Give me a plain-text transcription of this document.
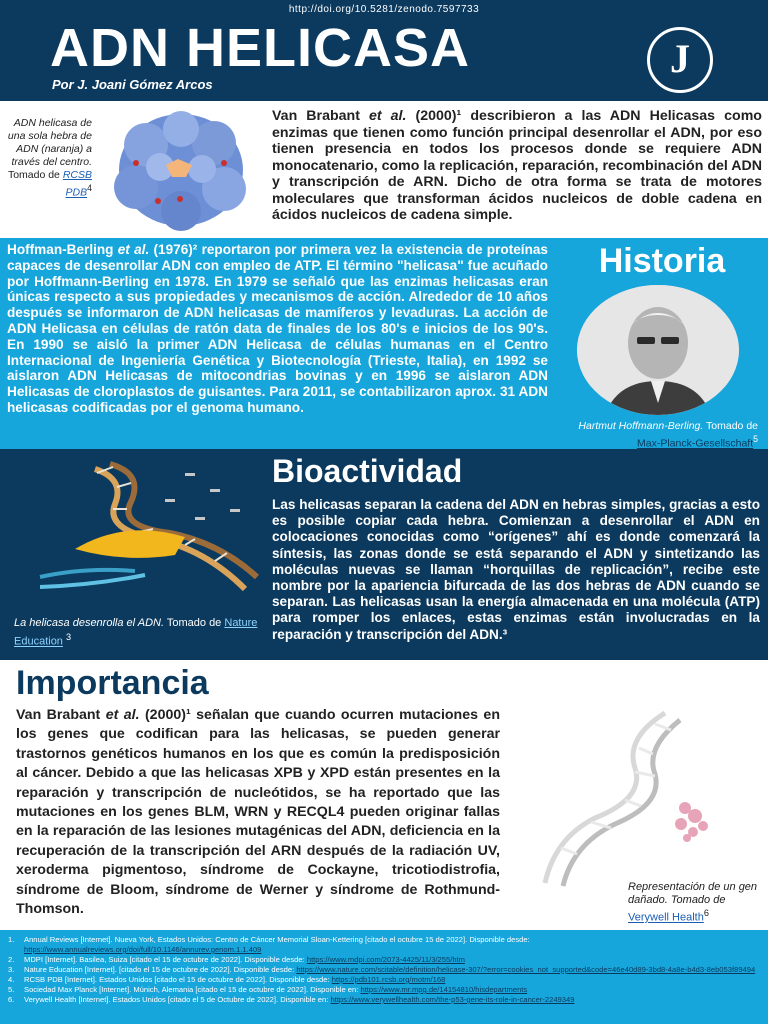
http://doi.org/10.5281/zenodo.7597733
ADN HELICASA
Por J. Joani Gómez Arcos
J
ADN helicasa de una sola hebra de ADN (naranja) a través del centro. Tomado de RCSB PDB$^4$
Van Brabant et al. (2000)¹ describieron a las ADN Helicasas como enzimas que tienen como función principal desenrollar el ADN, por eso tienen presencia en todos los procesos donde se requiere ADN monocatenario, como la replicación, reparación, recombinación del ADN y transcripción de ARN. Dicho de otra forma se trata de motores moleculares que transforman ácidos nucleicos de doble cadena en ácidos nucleicos de cadena simple.
Hoffman-Berling et al. (1976)² reportaron por primera vez la existencia de proteínas capaces de desenrollar ADN con empleo de ATP. El término "helicasa" fue acuñado por Hoffmann-Berling en 1978. En 1979 se señaló que las enzimas helicasas eran únicas respecto a sus propiedades y mecanismos de acción. Alrededor de 10 años después se informaron de ADN helicasas de mamíferos y levaduras. La acción de ADN Helicasa en células de ratón data de finales de los 80's e inicios de los 90's. En 1990 se aisló la primer ADN Helicasa de células humanas en el Centro Internacional de Ingeniería Genética y Biotecnología (Trieste, Italia), en 1992 se aislaron ADN Helicasas de mitocondrias bovinas y en 1996 se aislaron ADN Helicasas de cloroplastos de guisantes. Para 2011, se contabilizaron aprox. 31 ADN helicasas codificadas por el genoma humano.
Historia
Hartmut Hoffmann-Berling. Tomado de Max-Planck-Gesellschaft$^5$
La helicasa desenrolla el ADN. Tomado de Nature Education $^3$
Bioactividad
Las helicasas separan la cadena del ADN en hebras simples, gracias a esto es posible copiar cada hebra. Comienzan a desenrollar el ADN en colocaciones conocidas como “orígenes” ahí es donde comenzará la síntesis, las zonas donde se está separando el ADN y sintetizando las moléculas nuevas se llaman “horquillas de replicación”, recibe este nombre por la apariencia bifurcada de las dos hebras de ADN cuando se separan. Las helicasas usan la energía almacenada en una molécula (ATP) para romper los enlaces, estas enzimas están involucradas en la reparación y transcripción del ADN.³
Importancia
Van Brabant et al. (2000)¹ señalan que cuando ocurren mutaciones en los genes que codifican para las helicasas, se pueden generar trastornos genéticos humanos en los que es común la predisposición al cáncer. Debido a que las helicasas XPB y XPD están presentes en la reparación y transcripción de nucleótidos, se ha reportado que las mutaciones en los genes BLM, WRN y RECQL4 pueden originar fallas en la reparación de las lesiones mutagénicas del ADN, deficiencia en la recuperación de la transcripción del ARN después de la radiación UV, xeroderma pigmentoso, síndrome de Cockayne, tricotiodistrofia, síndrome de Bloom, síndrome de Werner y síndrome de Rothmund-Thomson.
Representación de un gen dañado. Tomado de Verywell Health$^6$
1.	Annual Reviews [Internet]. Nueva York, Estados Unidos: Centro de Cáncer Memorial Sloan-Kettering [citado el octubre 15 de 2022]. Disponible desde: https://www.annualreviews.org/doi/full/10.1146/annurev.genom.1.1.409
2.	MDPI [Internet]. Basilea, Suiza [citado el 15 de octubre de 2022]. Disponible desde: https://www.mdpi.com/2073-4425/11/3/255/htm
3.	Nature Education [Internet]. [citado el 15 de octubre de 2022]. Disponible desde: https://www.nature.com/scitable/definition/helicase-307/?error=cookies_not_supported&code=46e40d89-3bd8-4a8e-b4d3-8eb053f89494
4.	RCSB PDB [Internet]. Estados Unidos [citado el 15 de octubre de 2022]. Disponible desde: https://pdb101.rcsb.org/motm/168
5.	Sociedad Max Planck [Internet]. Múnich, Alemania [citado el 15 de octubre de 2022]. Disponible en: https://www.mr.mpg.de/14154810/hisdepartments
6.	Verywell Health [Internet]. Estados Unidos [citado el 5 de Octubre de 2022]. Disponible en: https://www.verywellhealth.com/the-p53-gene-its-role-in-cancer-2249349
